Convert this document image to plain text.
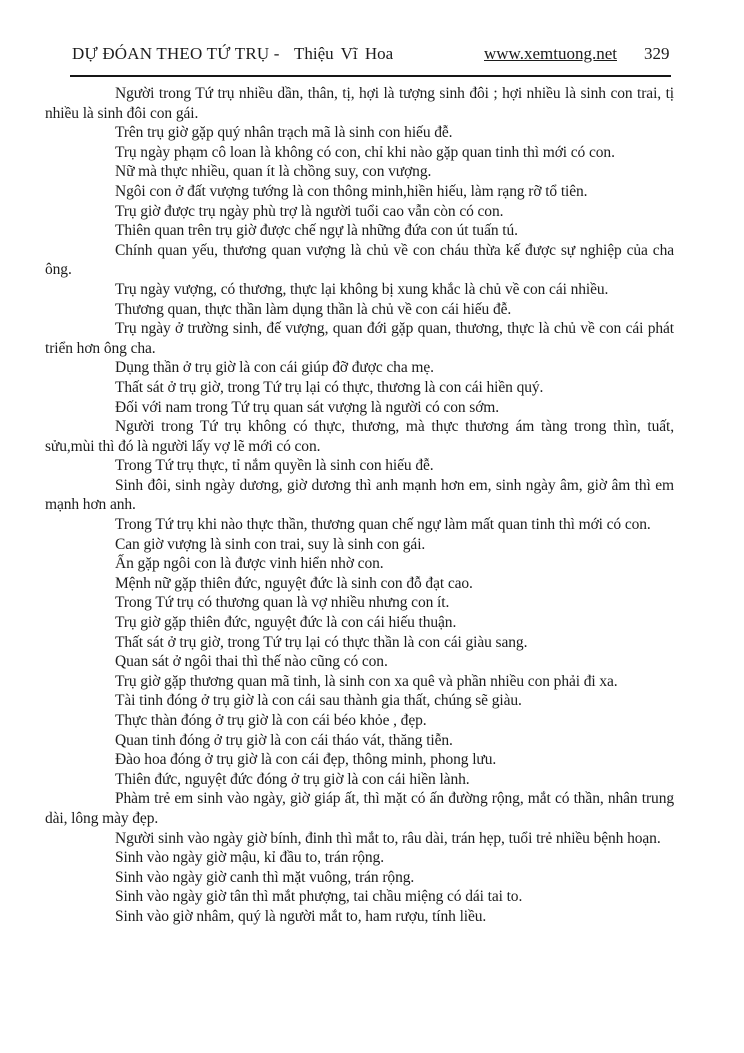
DỰ ĐÓAN THEO TỨ TRỤ - Thiệu Vĩ Hoa	www.xemtuong.net 329

Người trong Tứ trụ nhiều dần, thân, tị, hợi là tượng sinh đôi ; hợi nhiều là sinh con trai, tị nhiều là sinh đôi con gái.

Trên trụ giờ gặp quý nhân trạch mã là sinh con hiếu đễ.

Trụ ngày phạm cô loan là không có con, chỉ khi nào gặp quan tinh thì mới có con.

Nữ mà thực nhiều, quan ít là chồng suy, con vượng.

Ngôi con ở đất vượng tướng là con thông minh,hiền hiếu, làm rạng rỡ tổ tiên.

Trụ giờ được trụ ngày phù trợ là người tuổi cao vẫn còn có con.

Thiên quan trên trụ giờ được chế ngự là những đứa con út tuấn tú.

Chính quan yếu, thương quan vượng là chủ về con cháu thừa kế được sự nghiệp của cha ông.

Trụ ngày vượng, có thương, thực lại không bị xung khắc là chủ về con cái nhiều.

Thương quan, thực thần làm dụng thần là chủ về con cái hiếu đễ.

Trụ ngày ở trường sinh, đế vượng, quan đới gặp quan, thương, thực là chủ về con cái phát triển hơn ông cha.

Dụng thần ở trụ giờ là con cái giúp đỡ được cha mẹ.

Thất sát ở trụ giờ, trong Tứ trụ lại có thực, thương là con cái hiền quý.

Đối với nam trong Tứ trụ quan sát vượng là người có con sớm.

Người trong Tứ trụ không có thực, thương, mà thực thương ám tàng trong thìn, tuất, sửu,mùi thì đó là người lấy vợ lẽ mới có con.

Trong Tứ trụ thực, tỉ nắm quyền là sinh con hiếu đễ.

Sinh đôi, sinh ngày dương, giờ dương thì anh mạnh hơn em, sinh ngày âm, giờ âm thì em mạnh hơn anh.

Trong Tứ trụ khi nào thực thần, thương quan chế ngự làm mất quan tinh thì mới có con.

Can giờ vượng là sinh con trai, suy là sinh con gái.

Ấn gặp ngôi con là được vinh hiển nhờ con.

Mệnh nữ gặp thiên đức, nguyệt đức là sinh con đỗ đạt cao.

Trong Tứ trụ có thương quan là vợ nhiều nhưng con ít.

Trụ giờ gặp thiên đức, nguyệt đức là con cái hiếu thuận.

Thất sát ở trụ giờ, trong Tứ trụ lại có thực thần là con cái giàu sang.

Quan sát ở ngôi thai thì thế nào cũng có con.

Trụ giờ gặp thương quan mã tinh, là sinh con xa quê và phần nhiều con phải đi xa.

Tài tinh đóng ở trụ giờ là con cái sau thành gia thất, chúng sẽ giàu.

Thực thàn đóng ở trụ giờ là con cái béo khỏe , đẹp.

Quan tinh đóng ở trụ giờ là con cái tháo vát, thăng tiễn.

Đào hoa đóng ở trụ giờ là con cái đẹp, thông minh, phong lưu.

Thiên đức, nguyệt đức đóng ở trụ giờ là con cái hiền lành.

Phàm trẻ em sinh vào ngày, giờ giáp ất, thì mặt có ấn đường rộng, mắt có thần, nhân trung dài, lông mày đẹp.

Người sinh vào ngày giờ bính, đinh thì mắt to, râu dài, trán hẹp, tuổi trẻ nhiều bệnh hoạn.

Sinh vào ngày giờ mậu, kỉ đầu to, trán rộng.

Sinh vào ngày giờ canh thì mặt vuông, trán rộng.

Sinh vào ngày giờ tân thì mắt phượng, tai chầu miệng có dái tai to.

Sinh vào giờ nhâm, quý là người mắt to, ham rượu, tính liều.
